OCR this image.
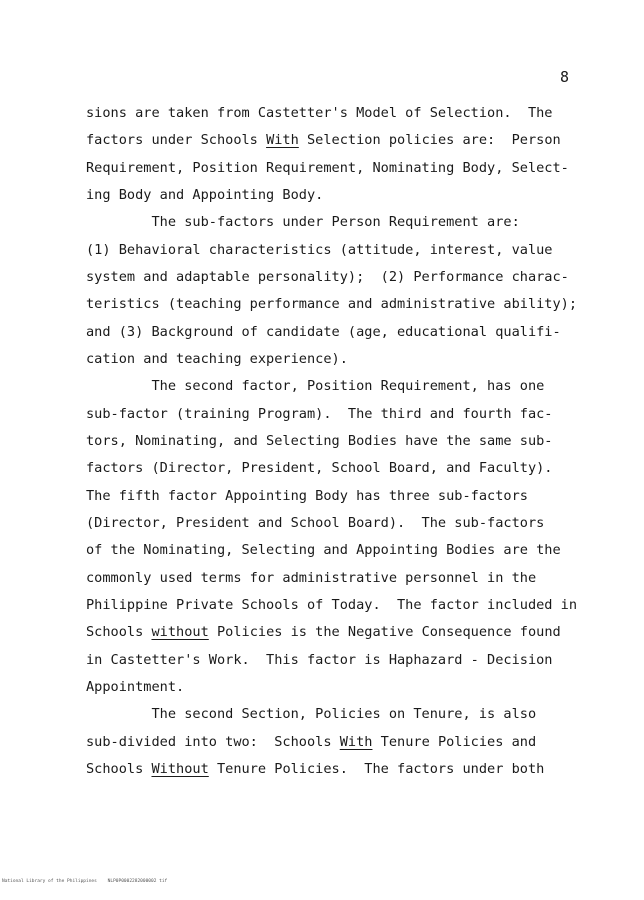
8
sions are taken from Castetter's Model of Selection.  The
factors under Schools With Selection policies are:  Person
Requirement, Position Requirement, Nominating Body, Select-
ing Body and Appointing Body.
The sub-factors under Person Requirement are:
(1) Behavioral characteristics (attitude, interest, value
system and adaptable personality);  (2) Performance charac-
teristics (teaching performance and administrative ability);
and (3) Background of candidate (age, educational qualifi-
cation and teaching experience).
The second factor, Position Requirement, has one
sub-factor (training Program).  The third and fourth fac-
tors, Nominating, and Selecting Bodies have the same sub-
factors (Director, President, School Board, and Faculty).
The fifth factor Appointing Body has three sub-factors
(Director, President and School Board).  The sub-factors
of the Nominating, Selecting and Appointing Bodies are the
commonly used terms for administrative personnel in the
Philippine Private Schools of Today.  The factor included in
Schools without Policies is the Negative Consequence found
in Castetter's Work.  This factor is Haphazard - Decision
Appointment.
The second Section, Policies on Tenure, is also
sub-divided into two:  Schools With Tenure Policies and
Schools Without Tenure Policies.  The factors under both
National Library of the Philippines    NLP0P0002282000002 tif
